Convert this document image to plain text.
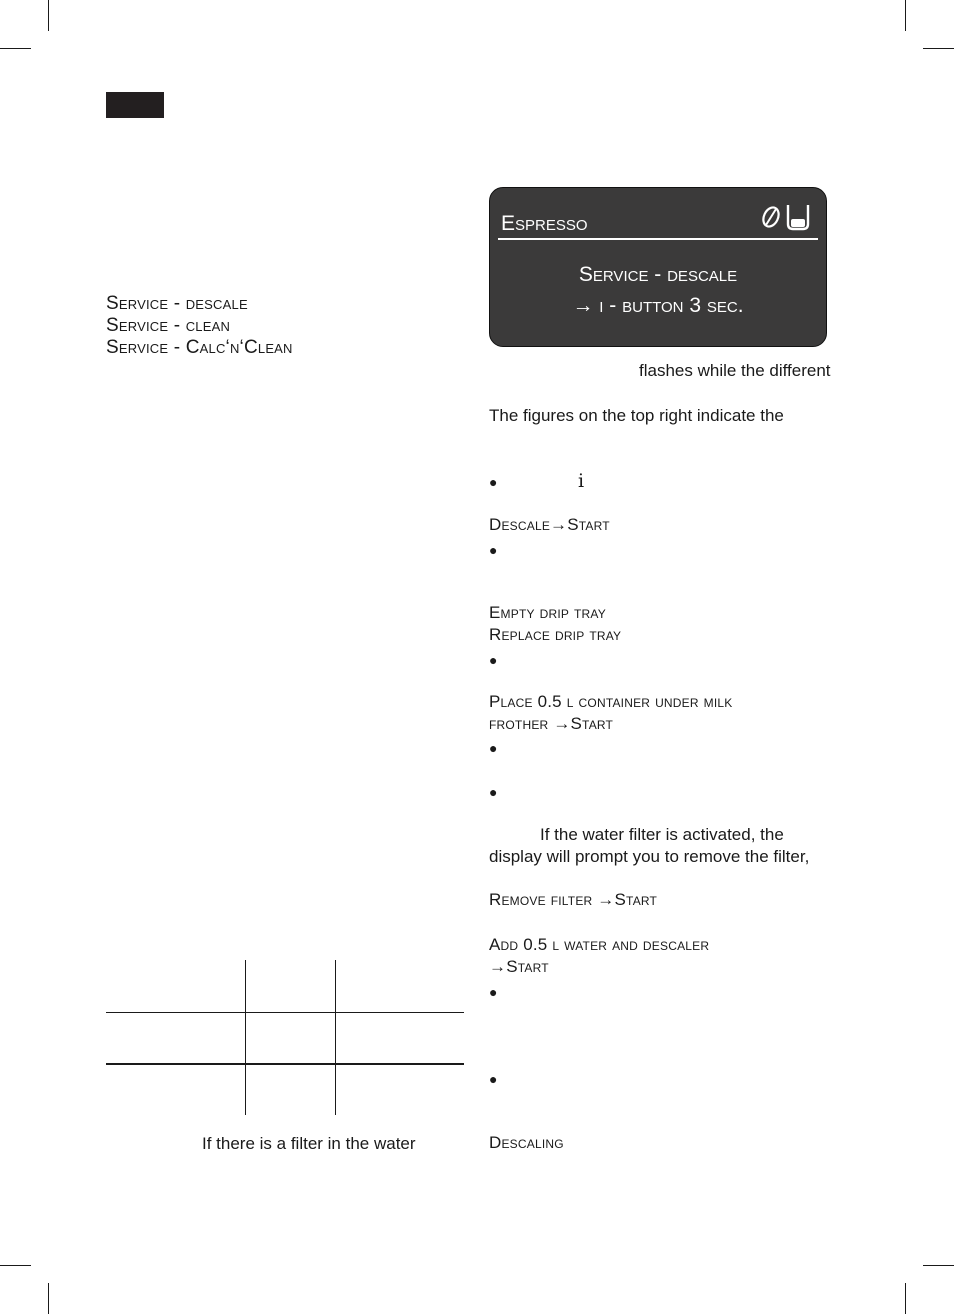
Service - descale
Service - clean
Service - Calc‘n‘Clean
If there is a filter in the water
Espresso
Service - descale
→ i - button 3 sec.
flashes while the different
The figures on the top right indicate the
●	i
Descale→Start
●
Empty drip tray
Replace drip tray
●
Place 0.5 l container under milk
frother →Start
●
●
If the water filter is activated, the
display will prompt you to remove the filter,
Remove filter →Start
Add 0.5 l water and descaler
→Start
●
●
Descaling
